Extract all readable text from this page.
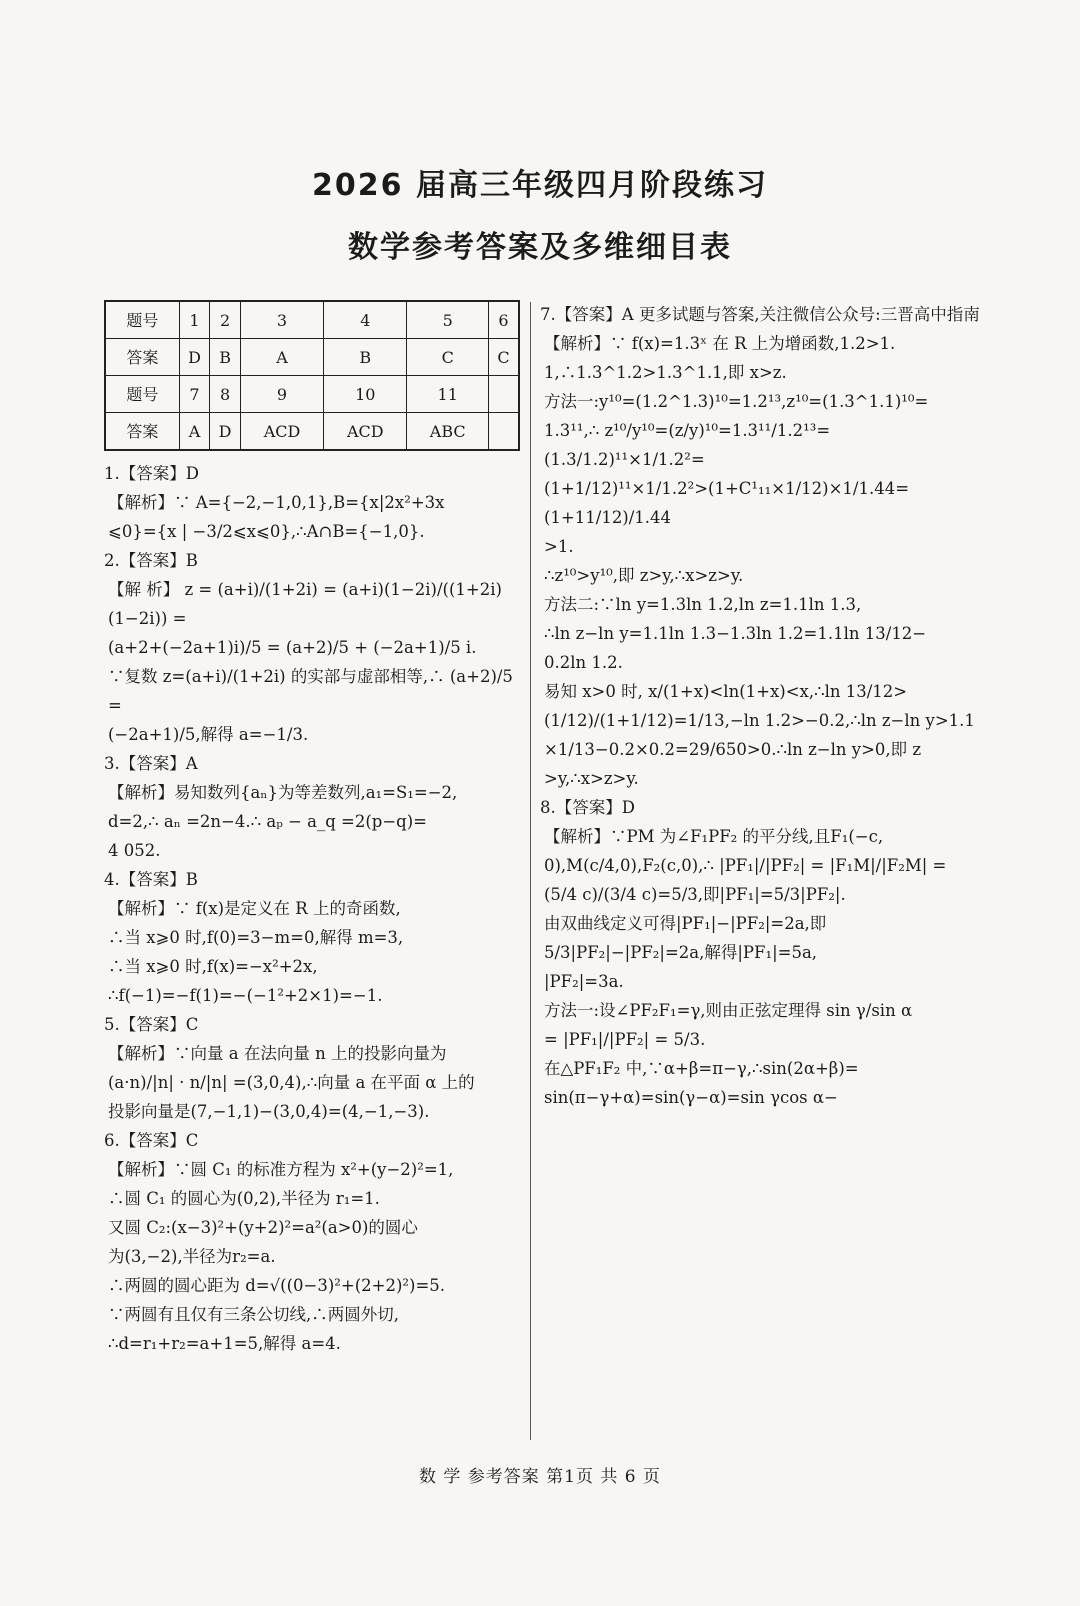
2026 届高三年级四月阶段练习
数学参考答案及多维细目表
题号	1	2	3	4	5	6
答案	D	B	A	B	C	C
题号	7	8	9	10	11	
答案	A	D	ACD	ACD	ABC	
1.【答案】D
【解析】∵ A={−2,−1,0,1},B={x|2x²+3x
⩽0}={x | −3/2⩽x⩽0},∴A∩B={−1,0}.
2.【答案】B
【解 析】 z = (a+i)/(1+2i) = (a+i)(1−2i)/((1+2i)(1−2i)) =
(a+2+(−2a+1)i)/5 = (a+2)/5 + (−2a+1)/5 i.
∵复数 z=(a+i)/(1+2i) 的实部与虚部相等,∴ (a+2)/5 =
(−2a+1)/5,解得 a=−1/3.
3.【答案】A
【解析】易知数列{aₙ}为等差数列,a₁=S₁=−2,
d=2,∴ aₙ =2n−4.∴ aₚ − a_q =2(p−q)=
4 052.
4.【答案】B
【解析】∵ f(x)是定义在 R 上的奇函数,
∴当 x⩾0 时,f(0)=3−m=0,解得 m=3,
∴当 x⩾0 时,f(x)=−x²+2x,
∴f(−1)=−f(1)=−(−1²+2×1)=−1.
5.【答案】C
【解析】∵向量 a 在法向量 n 上的投影向量为
(a·n)/|n| · n/|n| =(3,0,4),∴向量 a 在平面 α 上的
投影向量是(7,−1,1)−(3,0,4)=(4,−1,−3).
6.【答案】C
【解析】∵圆 C₁ 的标准方程为 x²+(y−2)²=1,
∴圆 C₁ 的圆心为(0,2),半径为 r₁=1.
又圆 C₂:(x−3)²+(y+2)²=a²(a>0)的圆心
为(3,−2),半径为r₂=a.
∴两圆的圆心距为 d=√((0−3)²+(2+2)²)=5.
∵两圆有且仅有三条公切线,∴两圆外切,
∴d=r₁+r₂=a+1=5,解得 a=4.
7.【答案】A 更多试题与答案,关注微信公众号:三晋高中指南
【解析】∵ f(x)=1.3ˣ 在 R 上为增函数,1.2>1.
1,∴1.3^1.2>1.3^1.1,即 x>z.
方法一:y¹⁰=(1.2^1.3)¹⁰=1.2¹³,z¹⁰=(1.3^1.1)¹⁰=
1.3¹¹,∴ z¹⁰/y¹⁰=(z/y)¹⁰=1.3¹¹/1.2¹³=(1.3/1.2)¹¹×1/1.2²=
(1+1/12)¹¹×1/1.2²>(1+C¹₁₁×1/12)×1/1.44=(1+11/12)/1.44
>1.
∴z¹⁰>y¹⁰,即 z>y,∴x>z>y.
方法二:∵ln y=1.3ln 1.2,ln z=1.1ln 1.3,
∴ln z−ln y=1.1ln 1.3−1.3ln 1.2=1.1ln 13/12−
0.2ln 1.2.
易知 x>0 时, x/(1+x)<ln(1+x)<x,∴ln 13/12>
(1/12)/(1+1/12)=1/13,−ln 1.2>−0.2,∴ln z−ln y>1.1
×1/13−0.2×0.2=29/650>0.∴ln z−ln y>0,即 z
>y,∴x>z>y.
8.【答案】D
【解析】∵PM 为∠F₁PF₂ 的平分线,且F₁(−c,
0),M(c/4,0),F₂(c,0),∴ |PF₁|/|PF₂| = |F₁M|/|F₂M| =
(5/4 c)/(3/4 c)=5/3,即|PF₁|=5/3|PF₂|.
由双曲线定义可得|PF₁|−|PF₂|=2a,即
5/3|PF₂|−|PF₂|=2a,解得|PF₁|=5a,
|PF₂|=3a.
方法一:设∠PF₂F₁=γ,则由正弦定理得 sin γ/sin α
= |PF₁|/|PF₂| = 5/3.
在△PF₁F₂ 中,∵α+β=π−γ,∴sin(2α+β)=
sin(π−γ+α)=sin(γ−α)=sin γcos α−
数 学 参考答案 第1页 共 6 页
